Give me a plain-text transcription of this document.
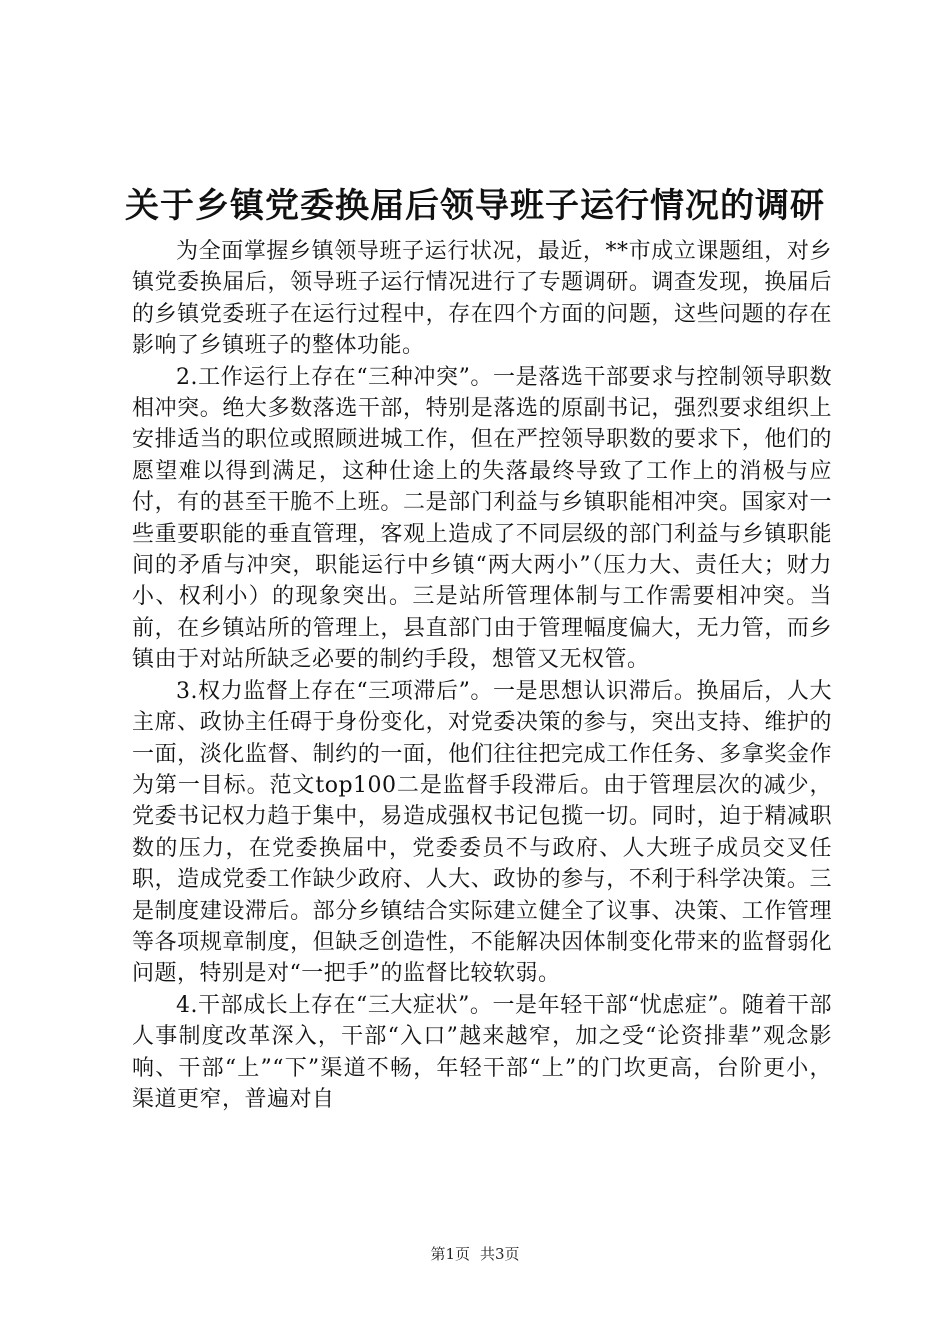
关于乡镇党委换届后领导班子运行情况的调研

为全面掌握乡镇领导班子运行状况，最近，**市成立课题组，对乡镇党委换届后，领导班子运行情况进行了专题调研。调查发现，换届后的乡镇党委班子在运行过程中，存在四个方面的问题，这些问题的存在影响了乡镇班子的整体功能。

2.工作运行上存在“三种冲突”。一是落选干部要求与控制领导职数相冲突。绝大多数落选干部，特别是落选的原副书记，强烈要求组织上安排适当的职位或照顾进城工作，但在严控领导职数的要求下，他们的愿望难以得到满足，这种仕途上的失落最终导致了工作上的消极与应付，有的甚至干脆不上班。二是部门利益与乡镇职能相冲突。国家对一些重要职能的垂直管理，客观上造成了不同层级的部门利益与乡镇职能间的矛盾与冲突，职能运行中乡镇“两大两小”（压力大、责任大；财力小、权利小）的现象突出。三是站所管理体制与工作需要相冲突。当前，在乡镇站所的管理上，县直部门由于管理幅度偏大，无力管，而乡镇由于对站所缺乏必要的制约手段，想管又无权管。

3.权力监督上存在“三项滞后”。一是思想认识滞后。换届后，人大主席、政协主任碍于身份变化，对党委决策的参与，突出支持、维护的一面，淡化监督、制约的一面，他们往往把完成工作任务、多拿奖金作为第一目标。范文top100二是监督手段滞后。由于管理层次的减少，党委书记权力趋于集中，易造成强权书记包揽一切。同时，迫于精减职数的压力，在党委换届中，党委委员不与政府、人大班子成员交叉任职，造成党委工作缺少政府、人大、政协的参与，不利于科学决策。三是制度建设滞后。部分乡镇结合实际建立健全了议事、决策、工作管理等各项规章制度，但缺乏创造性，不能解决因体制变化带来的监督弱化问题，特别是对“一把手”的监督比较软弱。

4.干部成长上存在“三大症状”。一是年轻干部“忧虑症”。随着干部人事制度改革深入，干部“入口”越来越窄，加之受“论资排辈”观念影响、干部“上”“下”渠道不畅，年轻干部“上”的门坎更高，台阶更小，渠道更窄，普遍对自

第1页 共3页
